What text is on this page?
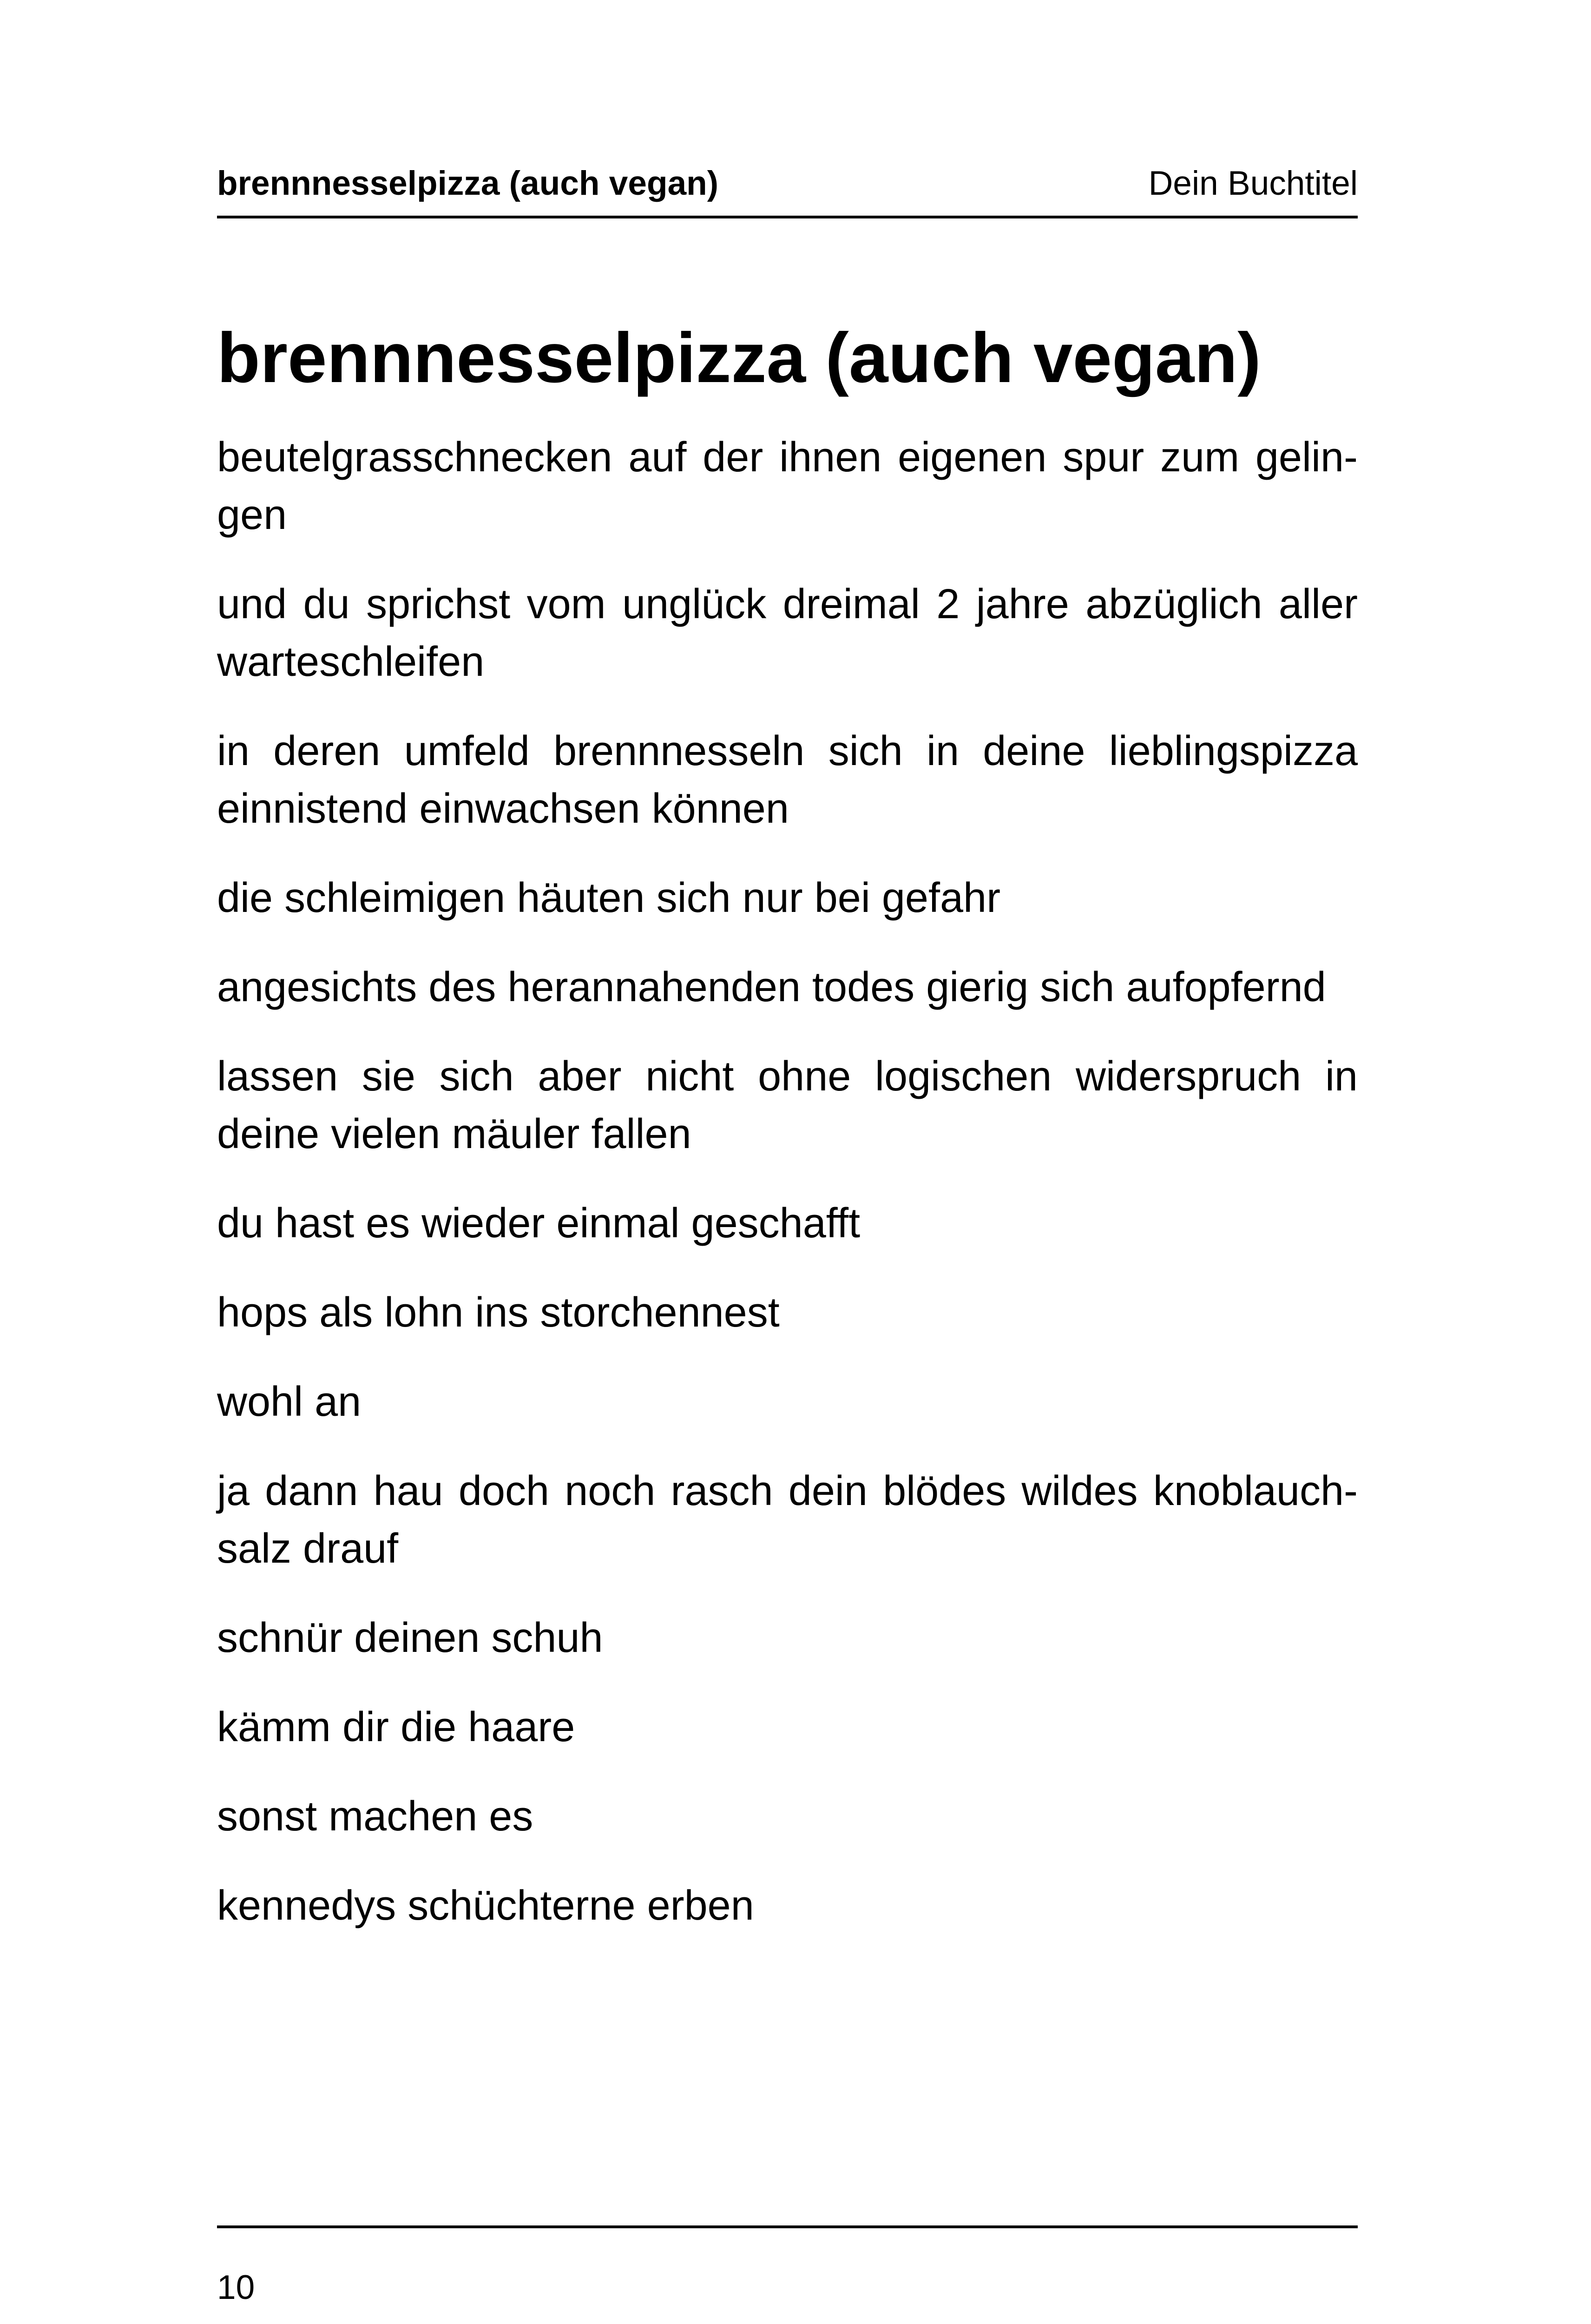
brennnesselpizza (auch vegan)	Dein Buchtitel
brennnesselpizza (auch vegan)

beutelgrasschnecken auf der ihnen eigenen spur zum gelingen

und du sprichst vom unglück dreimal 2 jahre abzüglich aller warteschleifen

in deren umfeld brennnesseln sich in deine lieblingspizza einnistend einwachsen können

die schleimigen häuten sich nur bei gefahr

angesichts des herannahenden todes gierig sich aufopfernd

lassen sie sich aber nicht ohne logischen widerspruch in deine vielen mäuler fallen

du hast es wieder einmal geschafft

hops als lohn ins storchennest

wohl an

ja dann hau doch noch rasch dein blödes wildes knoblauchsalz drauf

schnür deinen schuh

kämm dir die haare

sonst machen es

kennedys schüchterne erben

10
